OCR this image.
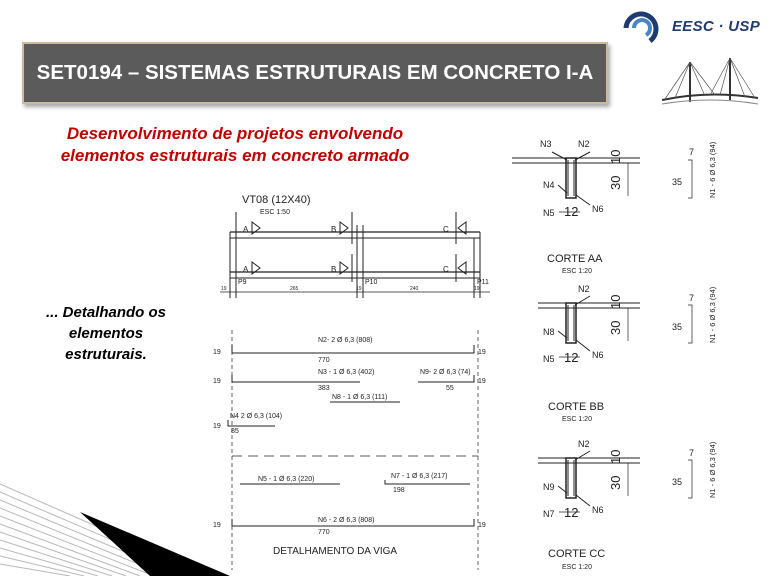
EESC · USP
SET0194 – SISTEMAS ESTRUTURAIS EM CONCRETO I-A
Desenvolvimento de projetos envolvendo
elementos estruturais em concreto armado
... Detalhando os
elementos
estruturais.
VT08 (12X40)
ESC 1:50
A	B	C
A	B	C
P9	P10	P11
19	265	19	240	19
N2- 2 Ø 6,3 (808)
770
19	19
N3 - 1 Ø 6,3 (402)
383
19
N9- 2 Ø 6,3 (74)
55
19
N8 - 1 Ø 6,3 (111)
N4 2 Ø 6,3 (104)
85
19
N5 - 1 Ø 6,3 (220)	N7 - 1 Ø 6,3 (217)
198
N6 - 2 Ø 6,3 (808)
770
19	19
DETALHAMENTO DA VIGA
N3	N2
N4
N5	N6
12
30
10	7
35	N1 - 6 Ø 6,3 (94)
CORTE AA
ESC 1:20
N2
N8
N5	N6
12
30
10	7
35	N1 - 6 Ø 6,3 (94)
CORTE BB
ESC 1:20
N2
N9
N7	N6
12
30
10	7
35	N1 - 6 Ø 6,3 (94)
CORTE CC
ESC 1:20
